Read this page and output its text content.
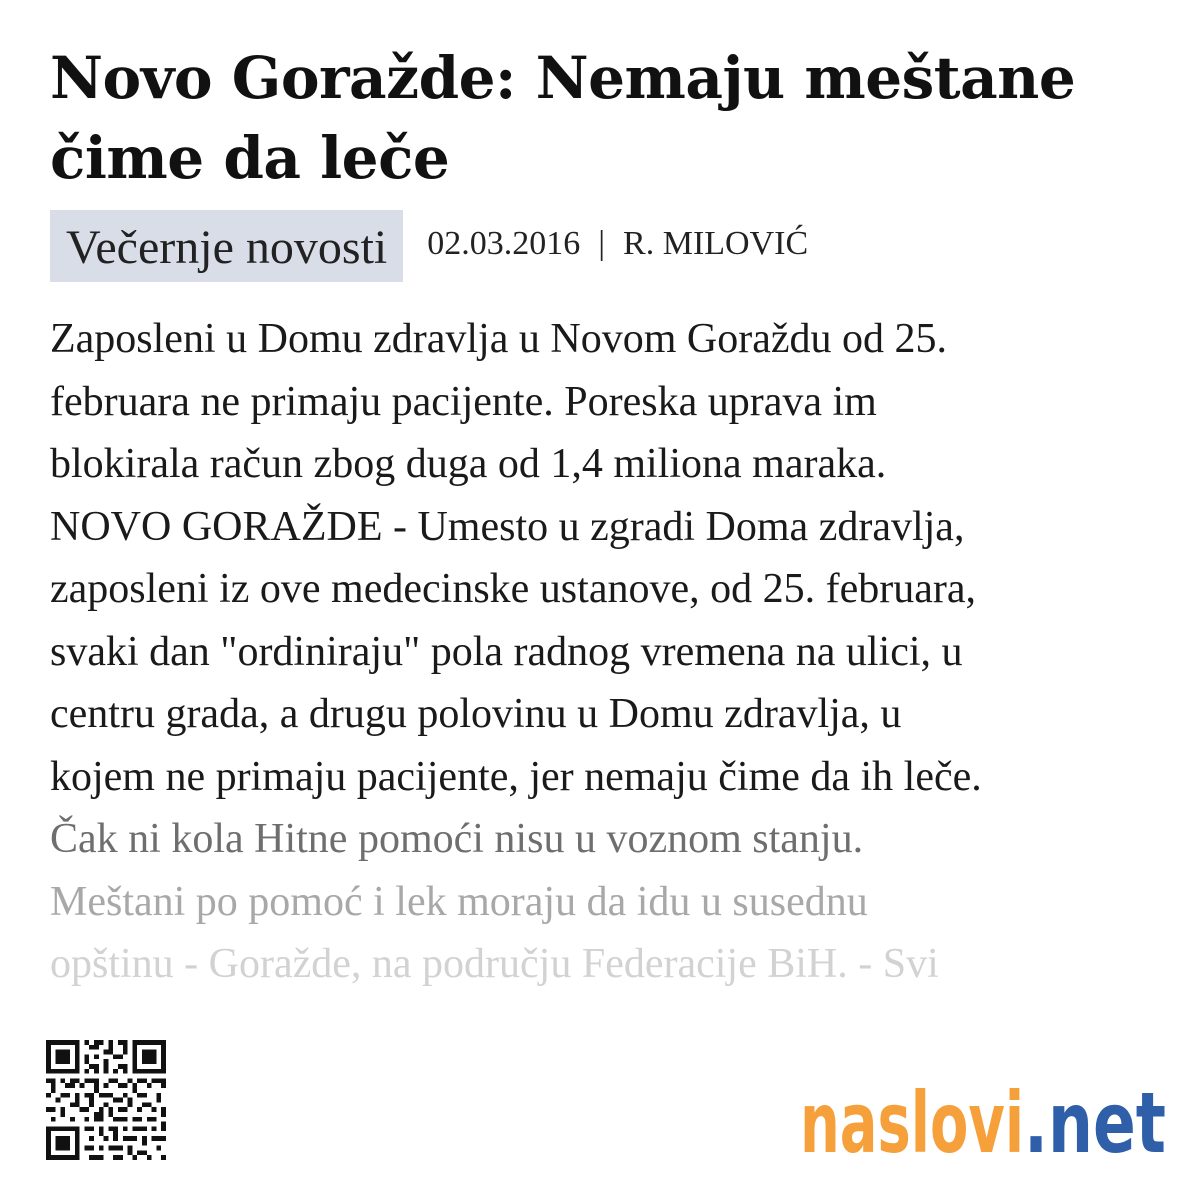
Novo Goražde: Nemaju meštane čime da leče
Večernje novosti	02.03.2016 | R. MILOVIĆ
Zaposleni u Domu zdravlja u Novom Goraždu od 25.
februara ne primaju pacijente. Poreska uprava im
blokirala račun zbog duga od 1,4 miliona maraka.
NOVO GORAŽDE - Umesto u zgradi Doma zdravlja,
zaposleni iz ove medecinske ustanove, od 25. februara,
svaki dan "ordiniraju" pola radnog vremena na ulici, u
centru grada, a drugu polovinu u Domu zdravlja, u
kojem ne primaju pacijente, jer nemaju čime da ih leče.
Čak ni kola Hitne pomoći nisu u voznom stanju.
Meštani po pomoć i lek moraju da idu u susednu
opštinu - Goražde, na području Federacije BiH. - Svi
naslovi .net
